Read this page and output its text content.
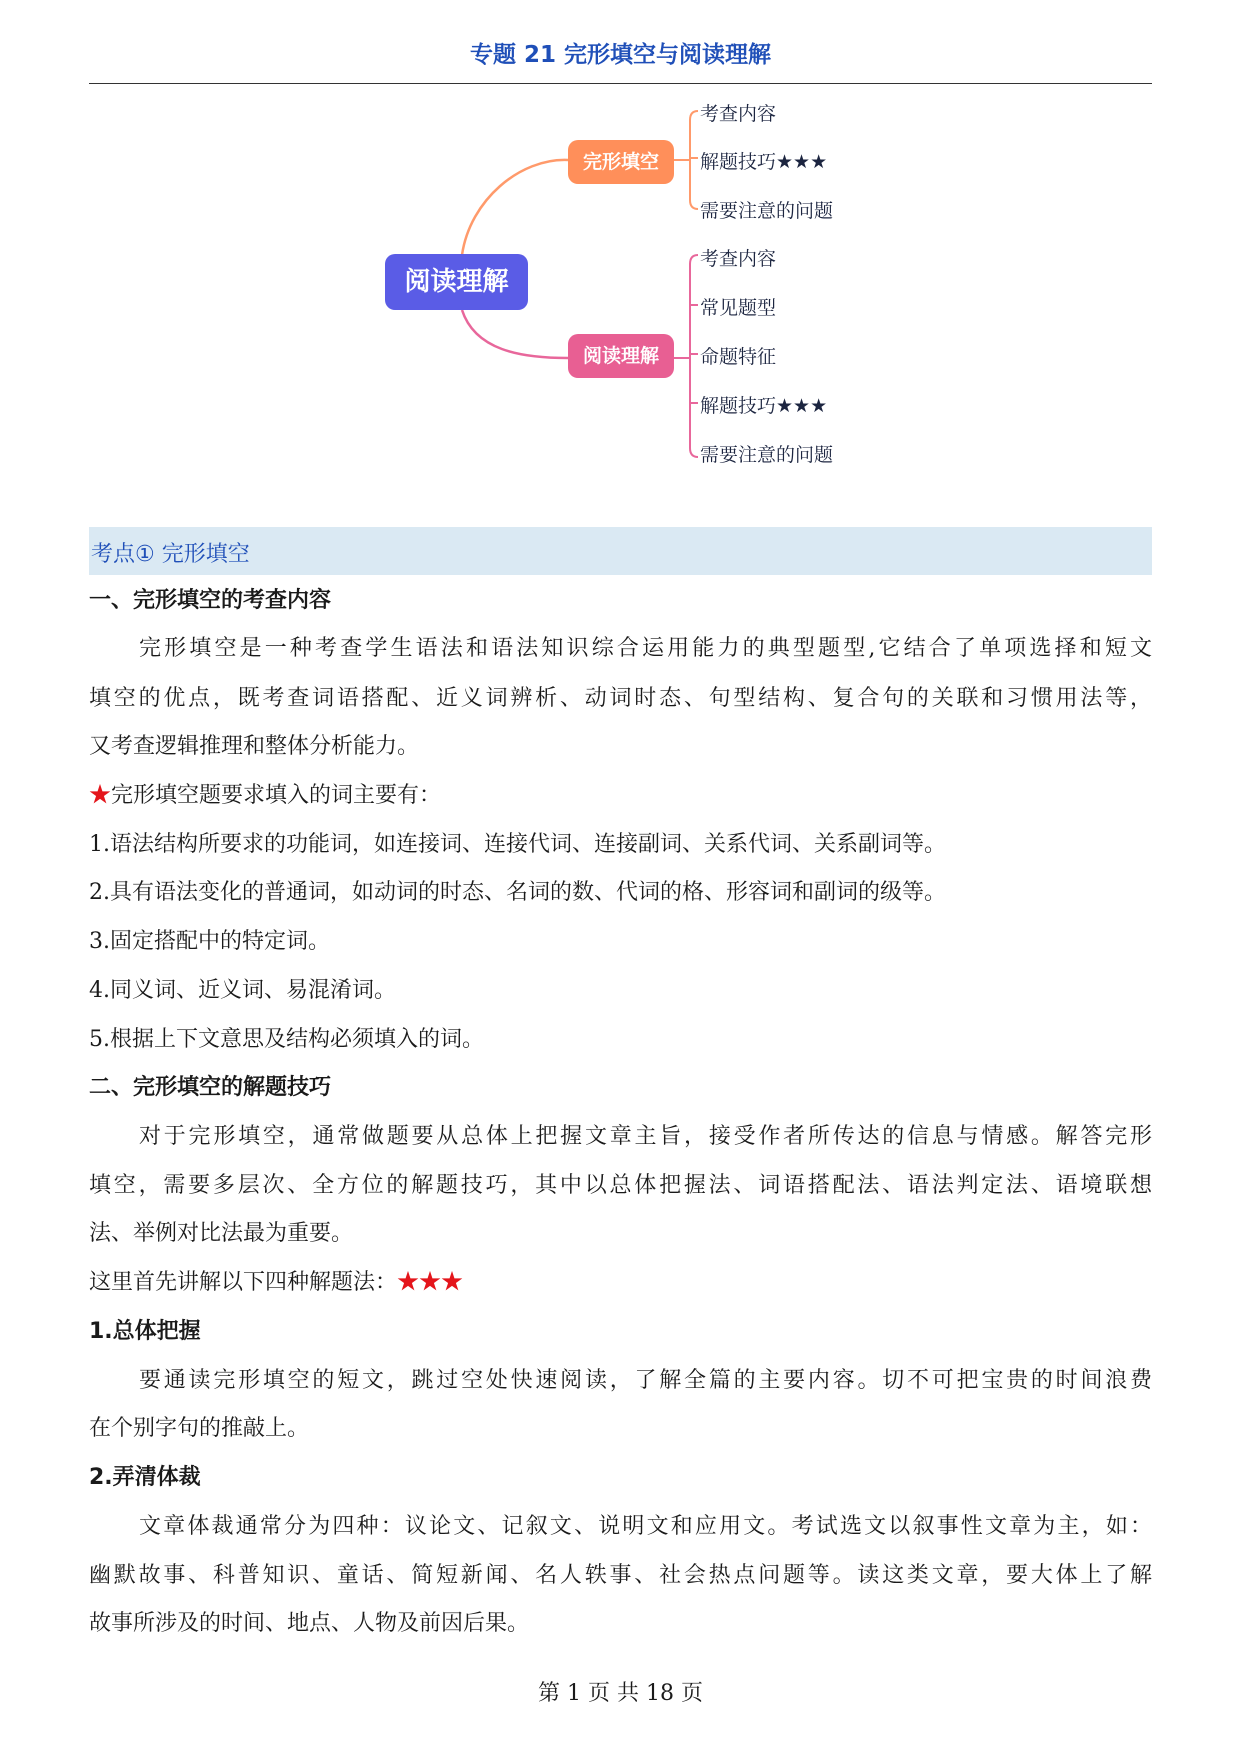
专题 21 完形填空与阅读理解
阅读理解
完形填空
阅读理解
考查内容
解题技巧★★★
需要注意的问题
考查内容
常见题型
命题特征
解题技巧★★★
需要注意的问题
考点① 完形填空
一、完形填空的考查内容
完形填空是一种考查学生语法和语法知识综合运用能力的典型题型,它结合了单项选择和短文
填空的优点，既考查词语搭配、近义词辨析、动词时态、句型结构、复合句的关联和习惯用法等，
又考查逻辑推理和整体分析能力。
★完形填空题要求填入的词主要有：
1.语法结构所要求的功能词，如连接词、连接代词、连接副词、关系代词、关系副词等。
2.具有语法变化的普通词，如动词的时态、名词的数、代词的格、形容词和副词的级等。
3.固定搭配中的特定词。
4.同义词、近义词、易混淆词。
5.根据上下文意思及结构必须填入的词。
二、完形填空的解题技巧
对于完形填空，通常做题要从总体上把握文章主旨，接受作者所传达的信息与情感。解答完形
填空，需要多层次、全方位的解题技巧，其中以总体把握法、词语搭配法、语法判定法、语境联想
法、举例对比法最为重要。
这里首先讲解以下四种解题法：★★★
1.总体把握
要通读完形填空的短文，跳过空处快速阅读，了解全篇的主要内容。切不可把宝贵的时间浪费
在个别字句的推敲上。
2.弄清体裁
文章体裁通常分为四种：议论文、记叙文、说明文和应用文。考试选文以叙事性文章为主，如：
幽默故事、科普知识、童话、简短新闻、名人轶事、社会热点问题等。读这类文章，要大体上了解
故事所涉及的时间、地点、人物及前因后果。
第 1 页 共 18 页
